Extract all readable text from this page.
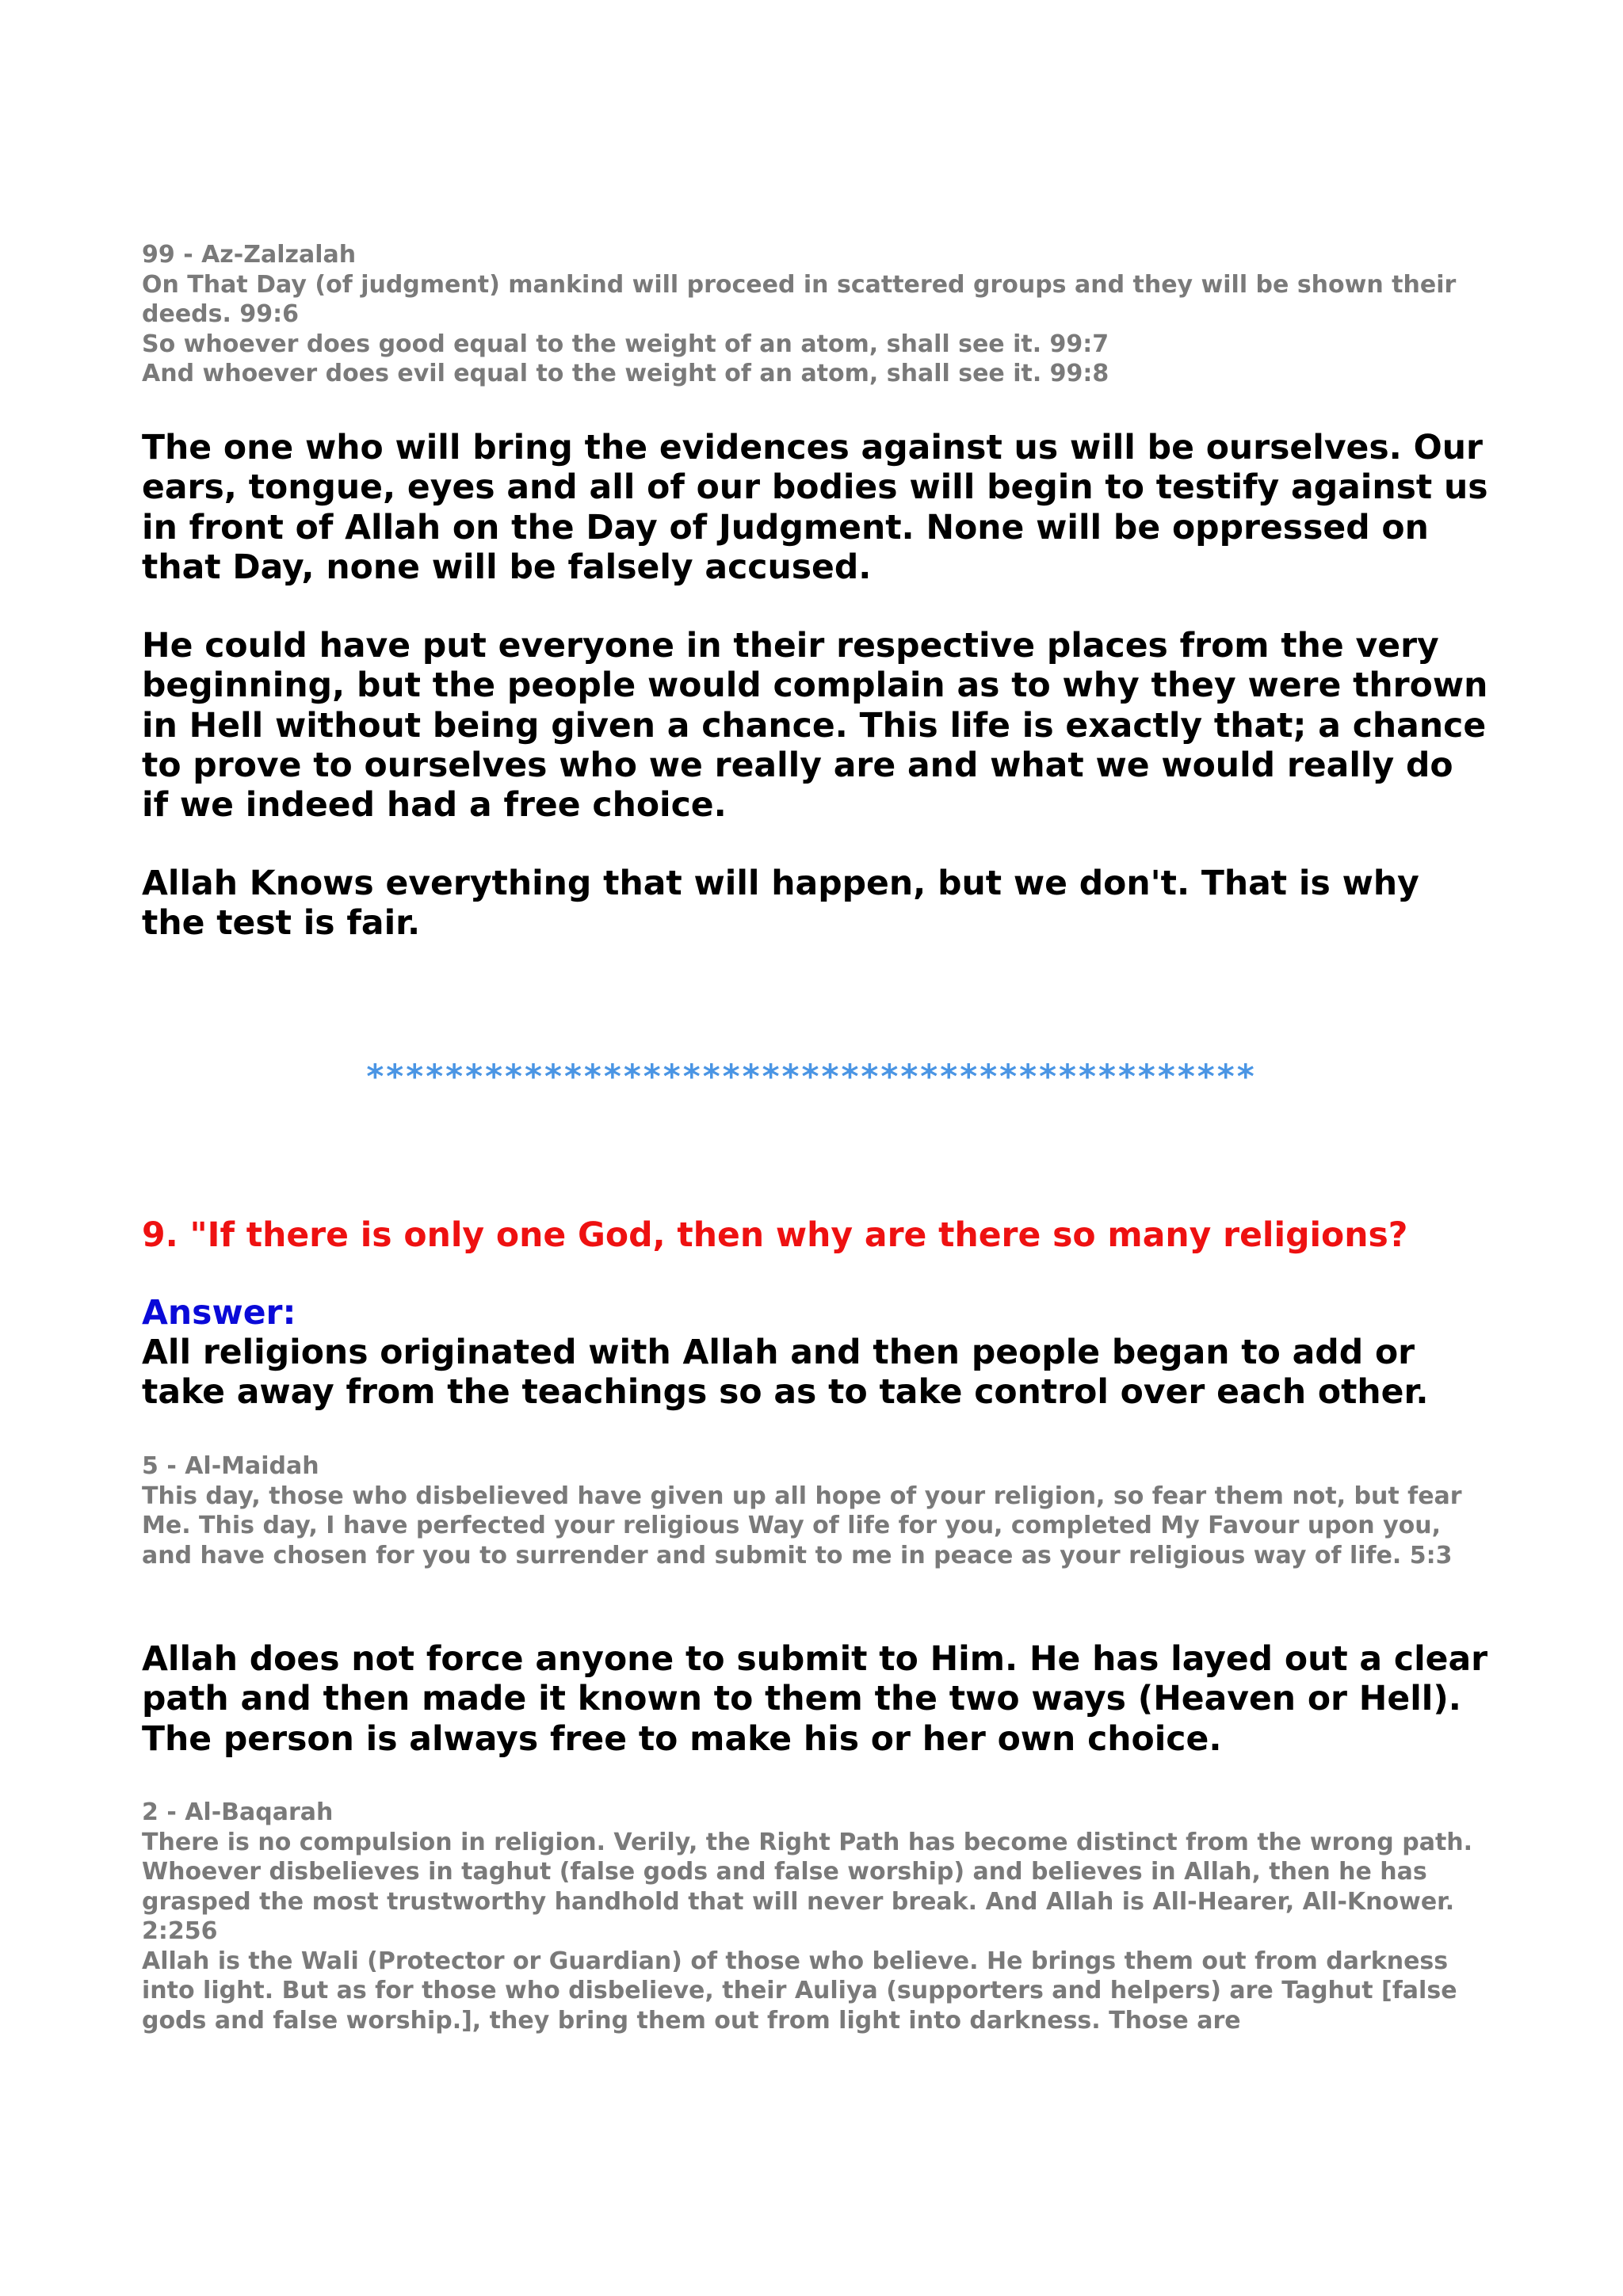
99 - Az-Zalzalah
On That Day (of judgment) mankind will proceed in scattered groups and they will be shown their deeds. 99:6
So whoever does good equal to the weight of an atom, shall see it. 99:7
And whoever does evil equal to the weight of an atom, shall see it. 99:8
The one who will bring the evidences against us will be ourselves. Our ears, tongue, eyes and all of our bodies will begin to testify against us in front of Allah on the Day of Judgment. None will be oppressed on that Day, none will be falsely accused.
He could have put everyone in their respective places from the very beginning, but the people would complain as to why they were thrown in Hell without being given a chance. This life is exactly that; a chance to prove to ourselves who we really are and what we would really do if we indeed had a free choice.
Allah Knows everything that will happen, but we don't. That is why the test is fair.
*********************************************
9. "If there is only one God, then why are there so many religions?
Answer:
All religions originated with Allah and then people began to add or take away from the teachings so as to take control over each other.
5 - Al-Maidah
This day, those who disbelieved have given up all hope of your religion, so fear them not, but fear Me. This day, I have perfected your religious Way of life for you, completed My Favour upon you, and have chosen for you to surrender and submit to me in peace as your religious way of life. 5:3
Allah does not force anyone to submit to Him. He has layed out a clear path and then made it known to them the two ways (Heaven or Hell). The person is always free to make his or her own choice.
2 - Al-Baqarah
There is no compulsion in religion. Verily, the Right Path has become distinct from the wrong path. Whoever disbelieves in taghut (false gods and false worship) and believes in Allah, then he has grasped the most trustworthy handhold that will never break. And Allah is All-Hearer, All-Knower. 2:256
Allah is the Wali (Protector or Guardian) of those who believe. He brings them out from darkness into light. But as for those who disbelieve, their Auliya (supporters and helpers) are Taghut [false gods and false worship.], they bring them out from light into darkness. Those are
